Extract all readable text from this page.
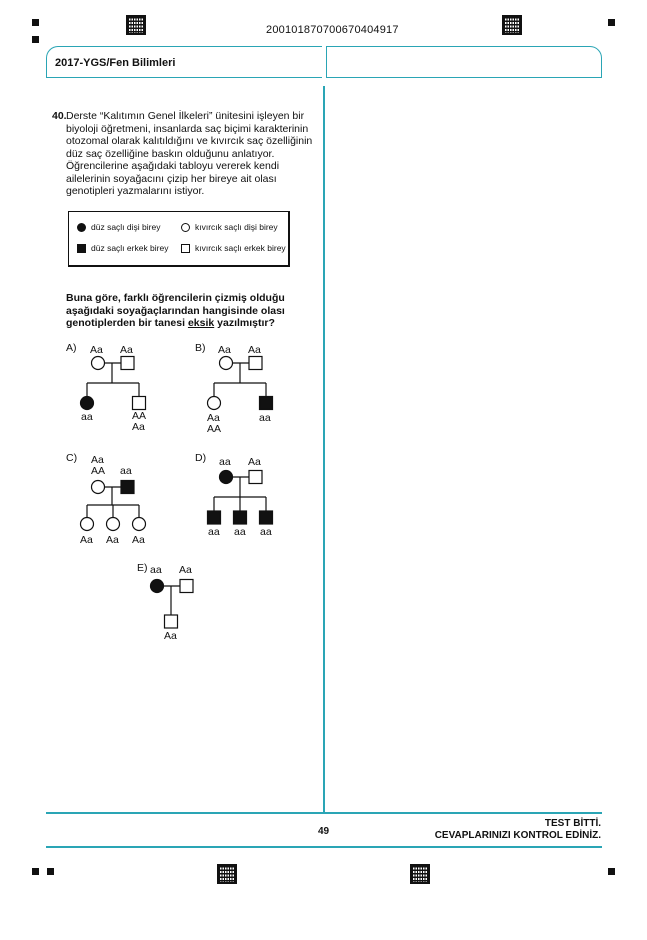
20010187070067040491​7
2017-YGS/Fen Bilimleri
40. Derste “Kalıtımın Genel İlkeleri” ünitesini işleyen bir biyoloji öğretmeni, insanlarda saç biçimi karakterinin otozomal olarak kalıtıldığını ve kıvırcık saç özelliğinin düz saç özelliğine baskın olduğunu anlatıyor. Öğrencilerine aşağıdaki tabloyu vererek kendi ailelerinin soyağacını çizip her bireye ait olası genotipleri yazmalarını istiyor.
düz saçlı dişi birey	kıvırcık saçlı dişi birey
düz saçlı erkek birey	kıvırcık saçlı erkek birey
Buna göre, farklı öğrencilerin çizmiş olduğu aşağıdaki soyağaçlarından hangisinde olası genotiplerden bir tanesi eksik yazılmıştır?
A)	B)
C)	D)
E)
Aa Aa
aa	AA
Aa
Aa Aa
Aa
AA
aa
Aa
AA aa
Aa Aa Aa
aa Aa
aa aa aa
aa Aa
Aa
49
TEST BİTTİ.
CEVAPLARINIZI KONTROL EDİNİZ.
